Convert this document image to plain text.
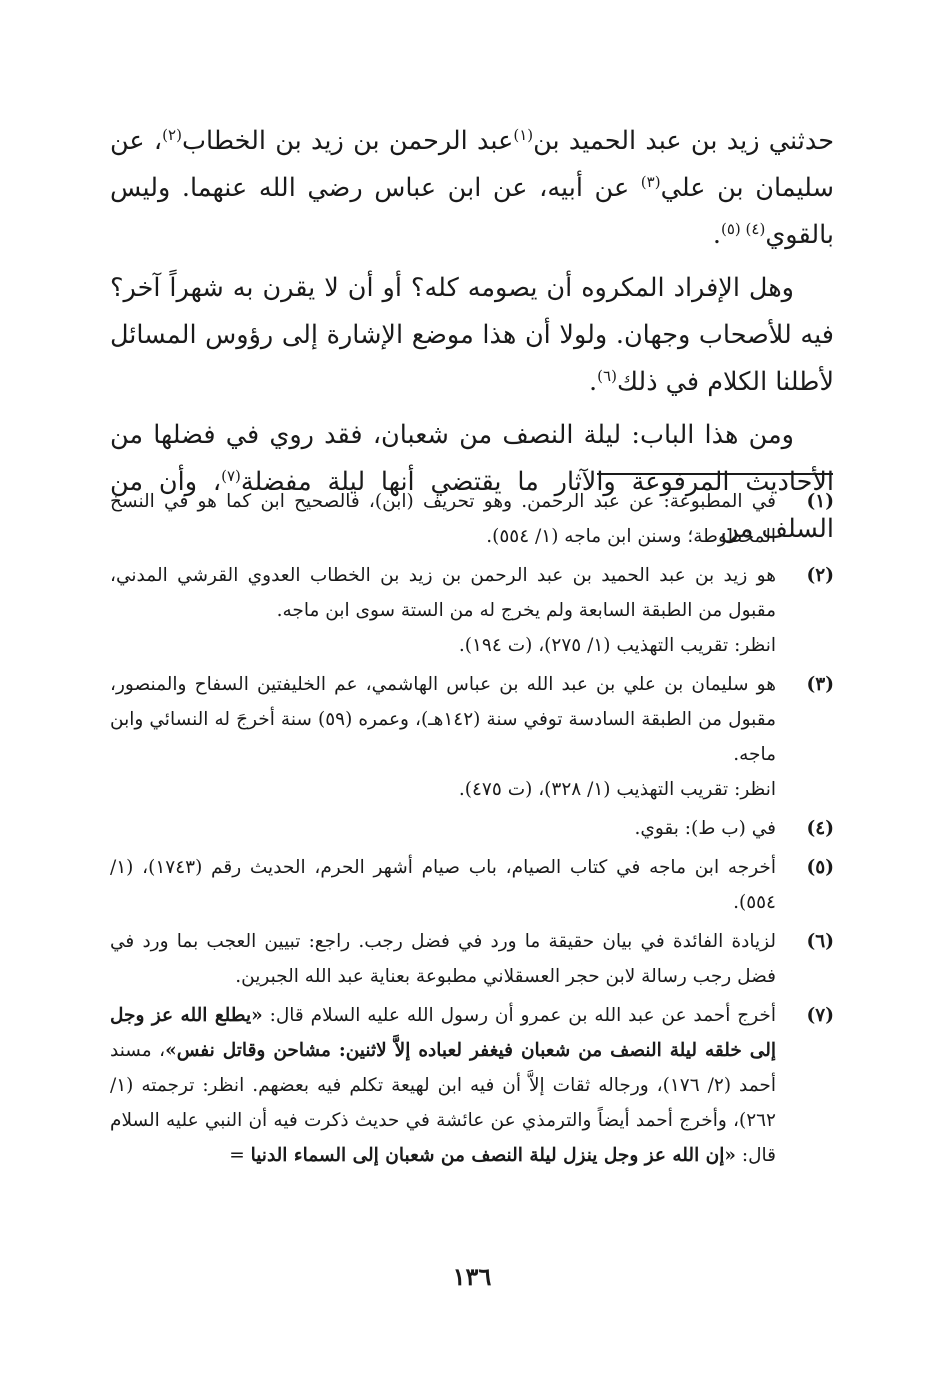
حدثني زيد بن عبد الحميد بن$^{(١)}$عبد الرحمن بن زيد بن الخطاب$^{(٢)}$، عن سليمان بن علي$^{(٣)}$ عن أبيه، عن ابن عباس رضي الله عنهما. وليس بالقوي$^{(٤)}$ $^{(٥)}$.

وهل الإفراد المكروه أن يصومه كله؟ أو أن لا يقرن به شهراً آخر؟ فيه للأصحاب وجهان. ولولا أن هذا موضع الإشارة إلى رؤوس المسائل لأطلنا الكلام في ذلك$^{(٦)}$.

ومن هذا الباب: ليلة النصف من شعبان، فقد روي في فضلها من الأحاديث المرفوعة والآثار ما يقتضي أنها ليلة مفضلة$^{(٧)}$، وأن من السلف من

(١)
في المطبوعة: عن عبد الرحمن. وهو تحريف (ابن)، فالصحيح ابن كما هو في النسخ المخطوطة؛ وسنن ابن ماجه (١/ ٥٥٤).
(٢)
هو زيد بن عبد الحميد بن عبد الرحمن بن زيد بن الخطاب العدوي القرشي المدني، مقبول من الطبقة السابعة ولم يخرج له من الستة سوى ابن ماجه.
انظر: تقريب التهذيب (١/ ٢٧٥)، (ت ١٩٤).
(٣)
هو سليمان بن علي بن عبد الله بن عباس الهاشمي، عم الخليفتين السفاح والمنصور، مقبول من الطبقة السادسة توفي سنة (١٤٢هـ)، وعمره (٥٩) سنة أخرجَ له النسائي وابن ماجه.
انظر: تقريب التهذيب (١/ ٣٢٨)، (ت ٤٧٥).
(٤)
في (ب ط): بقوي.
(٥)
أخرجه ابن ماجه في كتاب الصيام، باب صيام أشهر الحرم، الحديث رقم (١٧٤٣)، (١/ ٥٥٤).
(٦)
لزيادة الفائدة في بيان حقيقة ما ورد في فضل رجب. راجع: تبيين العجب بما ورد في فضل رجب رسالة لابن حجر العسقلاني مطبوعة بعناية عبد الله الجبرين.
(٧)
أخرج أحمد عن عبد الله بن عمرو أن رسول الله عليه السلام قال: «يطلع الله عز وجل إلى خلقه ليلة النصف من شعبان فيغفر لعباده إلاَّ لاثنين: مشاحن وقاتل نفس»، مسند أحمد (٢/ ١٧٦)، ورجاله ثقات إلاَّ أن فيه ابن لهيعة تكلم فيه بعضهم. انظر: ترجمته (١/ ٢٦٢)، وأخرج أحمد أيضاً والترمذي عن عائشة في حديث ذكرت فيه أن النبي عليه السلام قال: «إن الله عز وجل ينزل ليلة النصف من شعبان إلى السماء الدنيا =
١٣٦
